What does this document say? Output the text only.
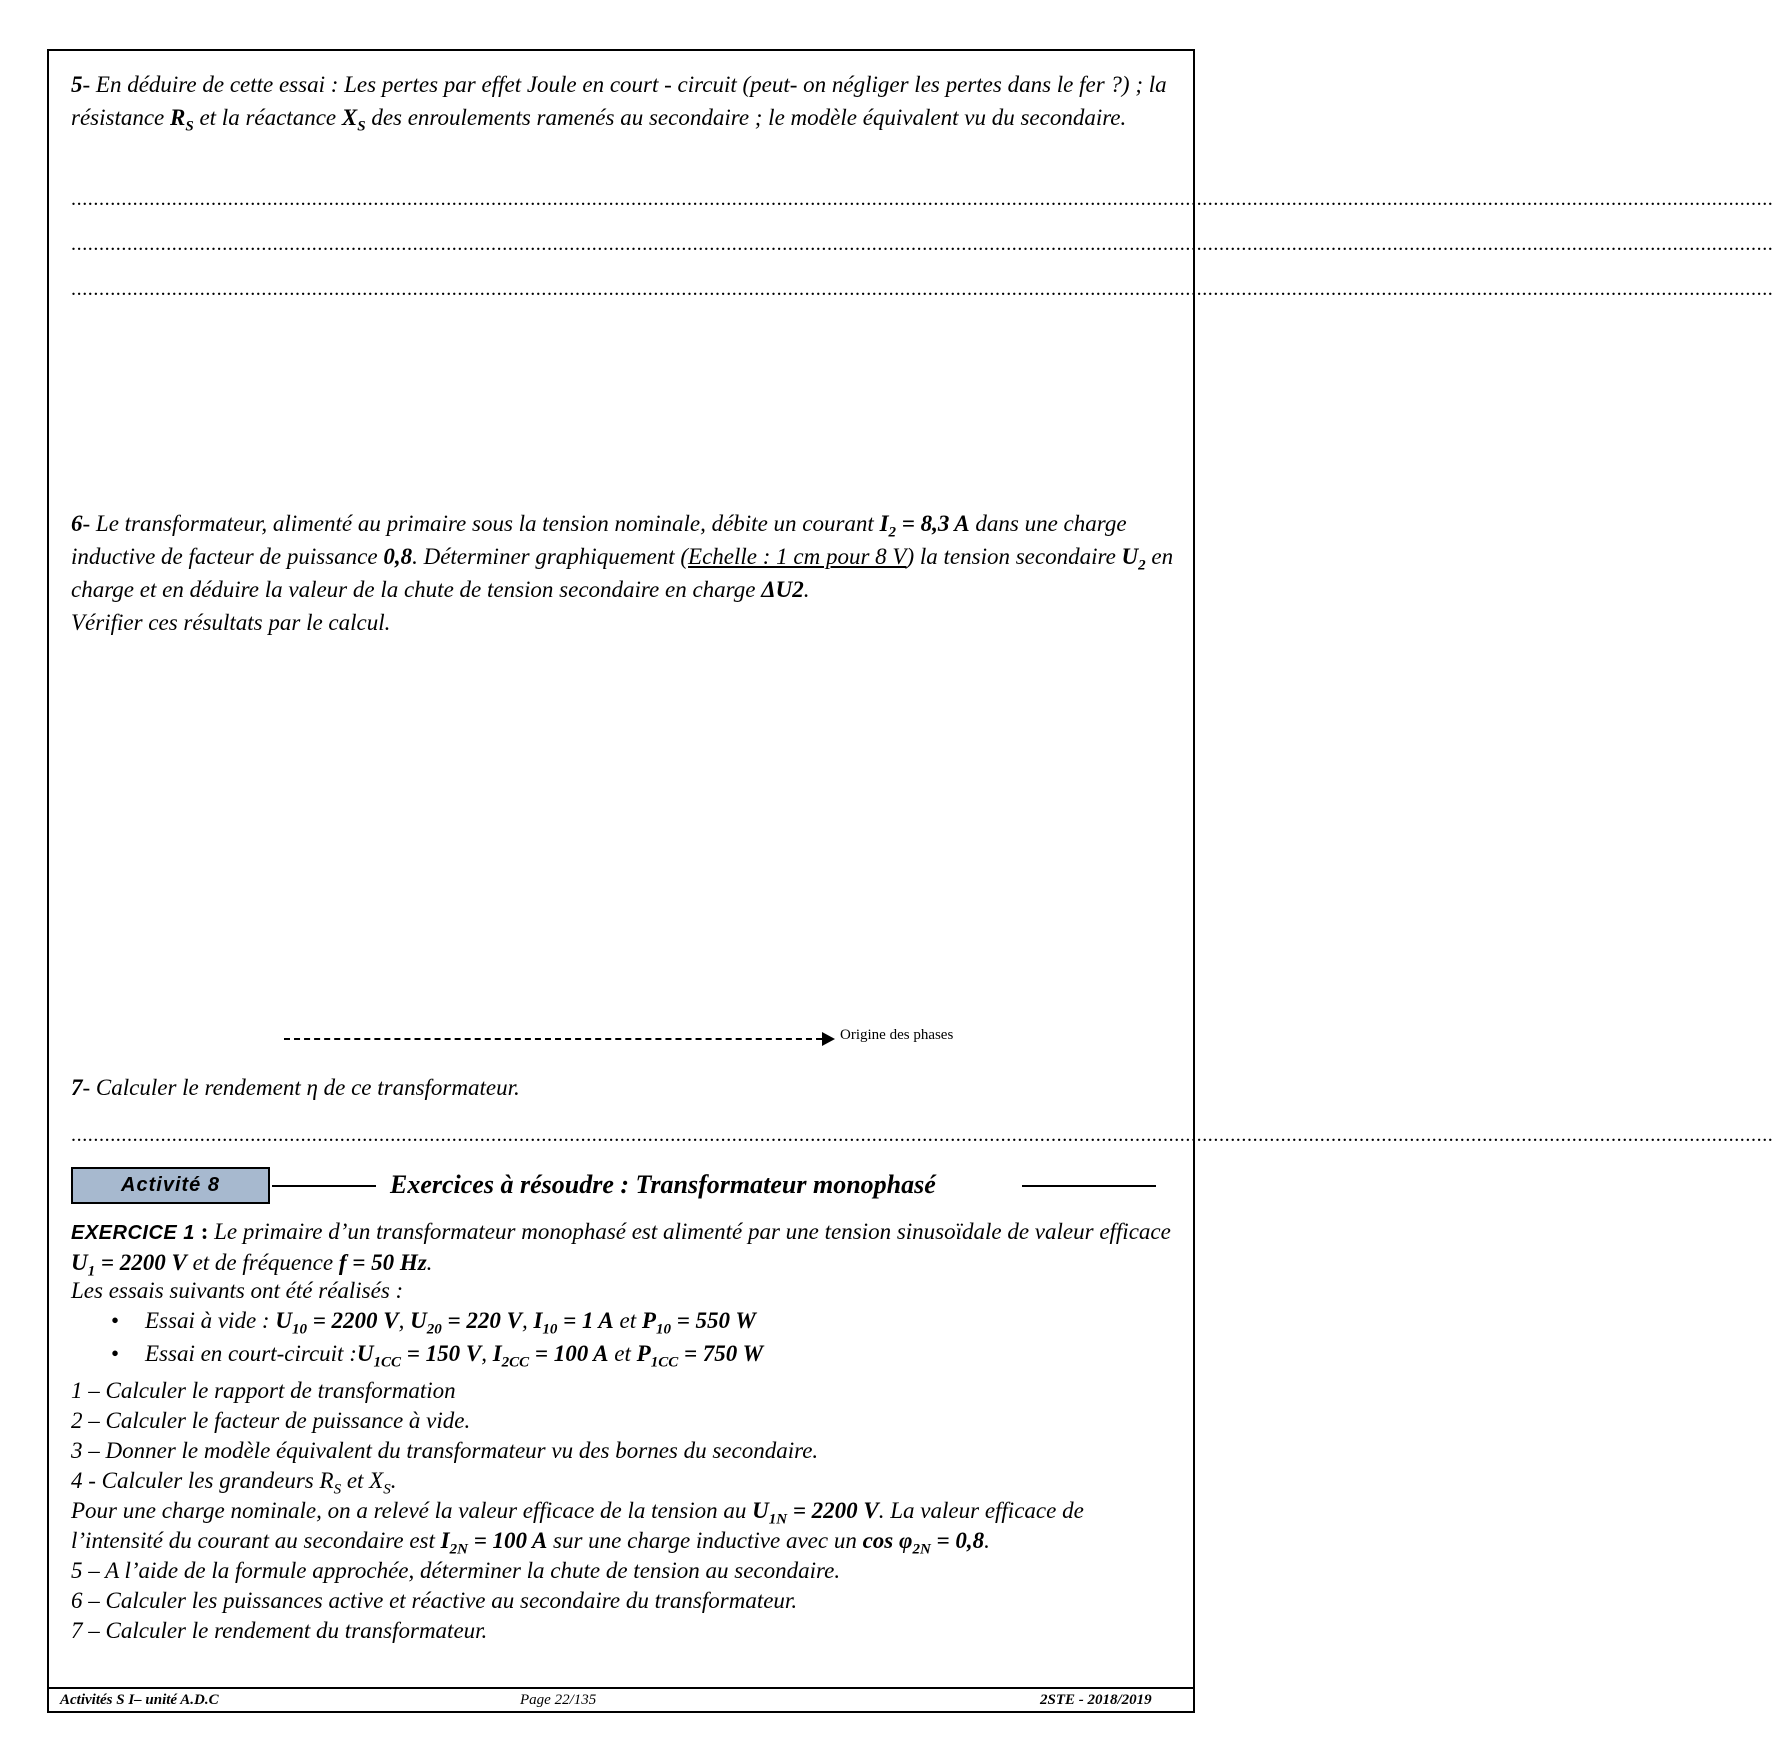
5- En déduire de cette essai : Les pertes par effet Joule en court - circuit (peut- on négliger les pertes dans le fer ?) ; la résistance $R_S$ et la réactance $X_S$ des enroulements ramenés au secondaire ; le modèle équivalent vu du secondaire.

................................................................................................................................................................................................................................................................................................................
................................................................................................................................................................................................................................................................................................................
................................................................................................................................................................................................................................................................................................................

6- Le transformateur, alimenté au primaire sous la tension nominale, débite un courant $I_2 = 8,3$ A dans une charge inductive de facteur de puissance 0,8. Déterminer graphiquement (Echelle : 1 cm pour 8 V) la tension secondaire $U_2$ en charge et en déduire la valeur de la chute de tension secondaire en charge ΔU2.

Vérifier ces résultats par le calcul.

Origine des phases

7- Calculer le rendement η de ce transformateur.

................................................................................................................................................................................................................................................................................................................
Activité 8	Exercices à résoudre : Transformateur monophasé

EXERCICE 1 : Le primaire d’un transformateur monophasé est alimenté par une tension sinusoïdale de valeur efficace $U_1 = 2200$ V et de fréquence f = 50 Hz.

Les essais suivants ont été réalisés :

• Essai à vide : $U_{10} = 2200$ V, $U_{20} = 220$ V, $I_{10} = 1$ A et $P_{10} = 550$ W
• Essai en court-circuit $:U_{1CC} = 150$ V, $I_{2CC} = 100$ A et $P_{1CC} = 750$ W

1 – Calculer le rapport de transformation

2 – Calculer le facteur de puissance à vide.

3 – Donner le modèle équivalent du transformateur vu des bornes du secondaire.

4 - Calculer les grandeurs $R_S$ et $X_S$.

Pour une charge nominale, on a relevé la valeur efficace de la tension au $U_{1N} = 2200$ V. La valeur efficace de l’intensité du courant au secondaire est $I_{2N} = 100$ A sur une charge inductive avec un $\cos \varphi_{2N} = 0,8$.

5 – A l’aide de la formule approchée, déterminer la chute de tension au secondaire.

6 – Calculer les puissances active et réactive au secondaire du transformateur.

7 – Calculer le rendement du transformateur.

Activités S I– unité A.D.C	Page 22/135	2STE - 2018/2019
